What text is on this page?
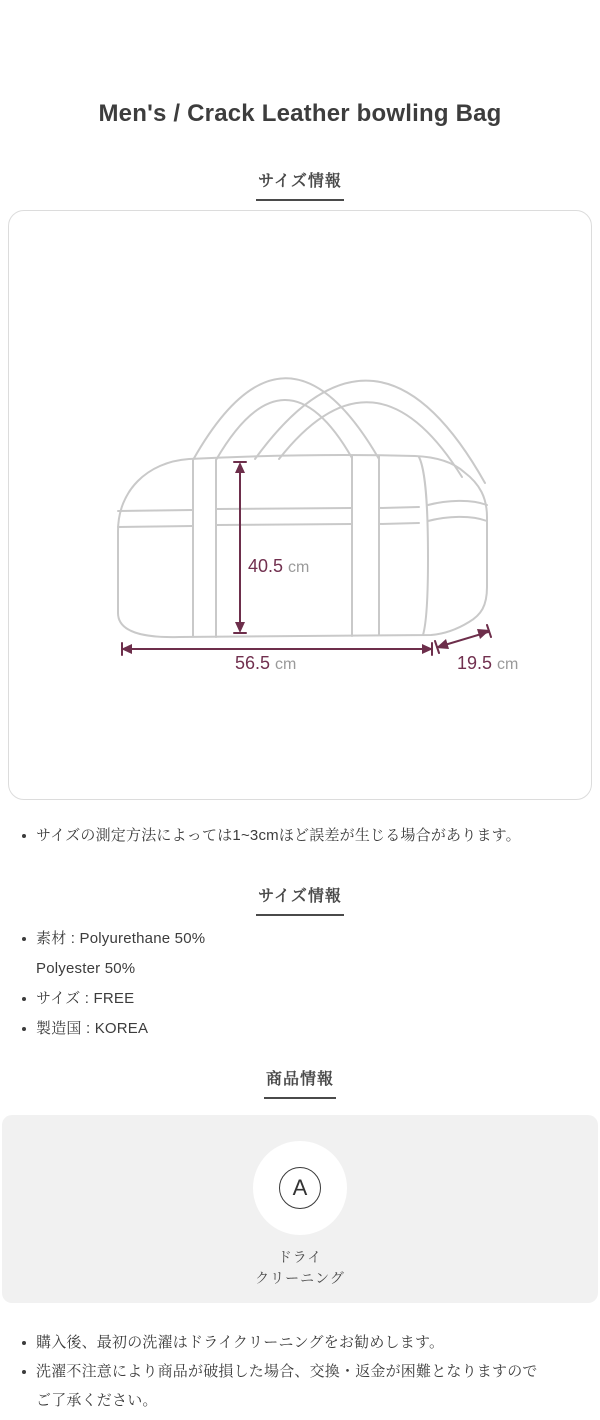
Men's / Crack Leather bowling Bag
サイズ情報
40.5 cm
56.5 cm	19.5 cm
サイズの測定方法によっては1~3cmほど誤差が生じる場合があります。
サイズ情報
素材 : Polyurethane 50%
Polyester 50%
サイズ : FREE
製造国 : KOREA
商品情報
A
ドライ
クリーニング
購入後、最初の洗濯はドライクリーニングをお勧めします。
洗濯不注意により商品が破損した場合、交換・返金が困難となりますので
ご了承ください。
